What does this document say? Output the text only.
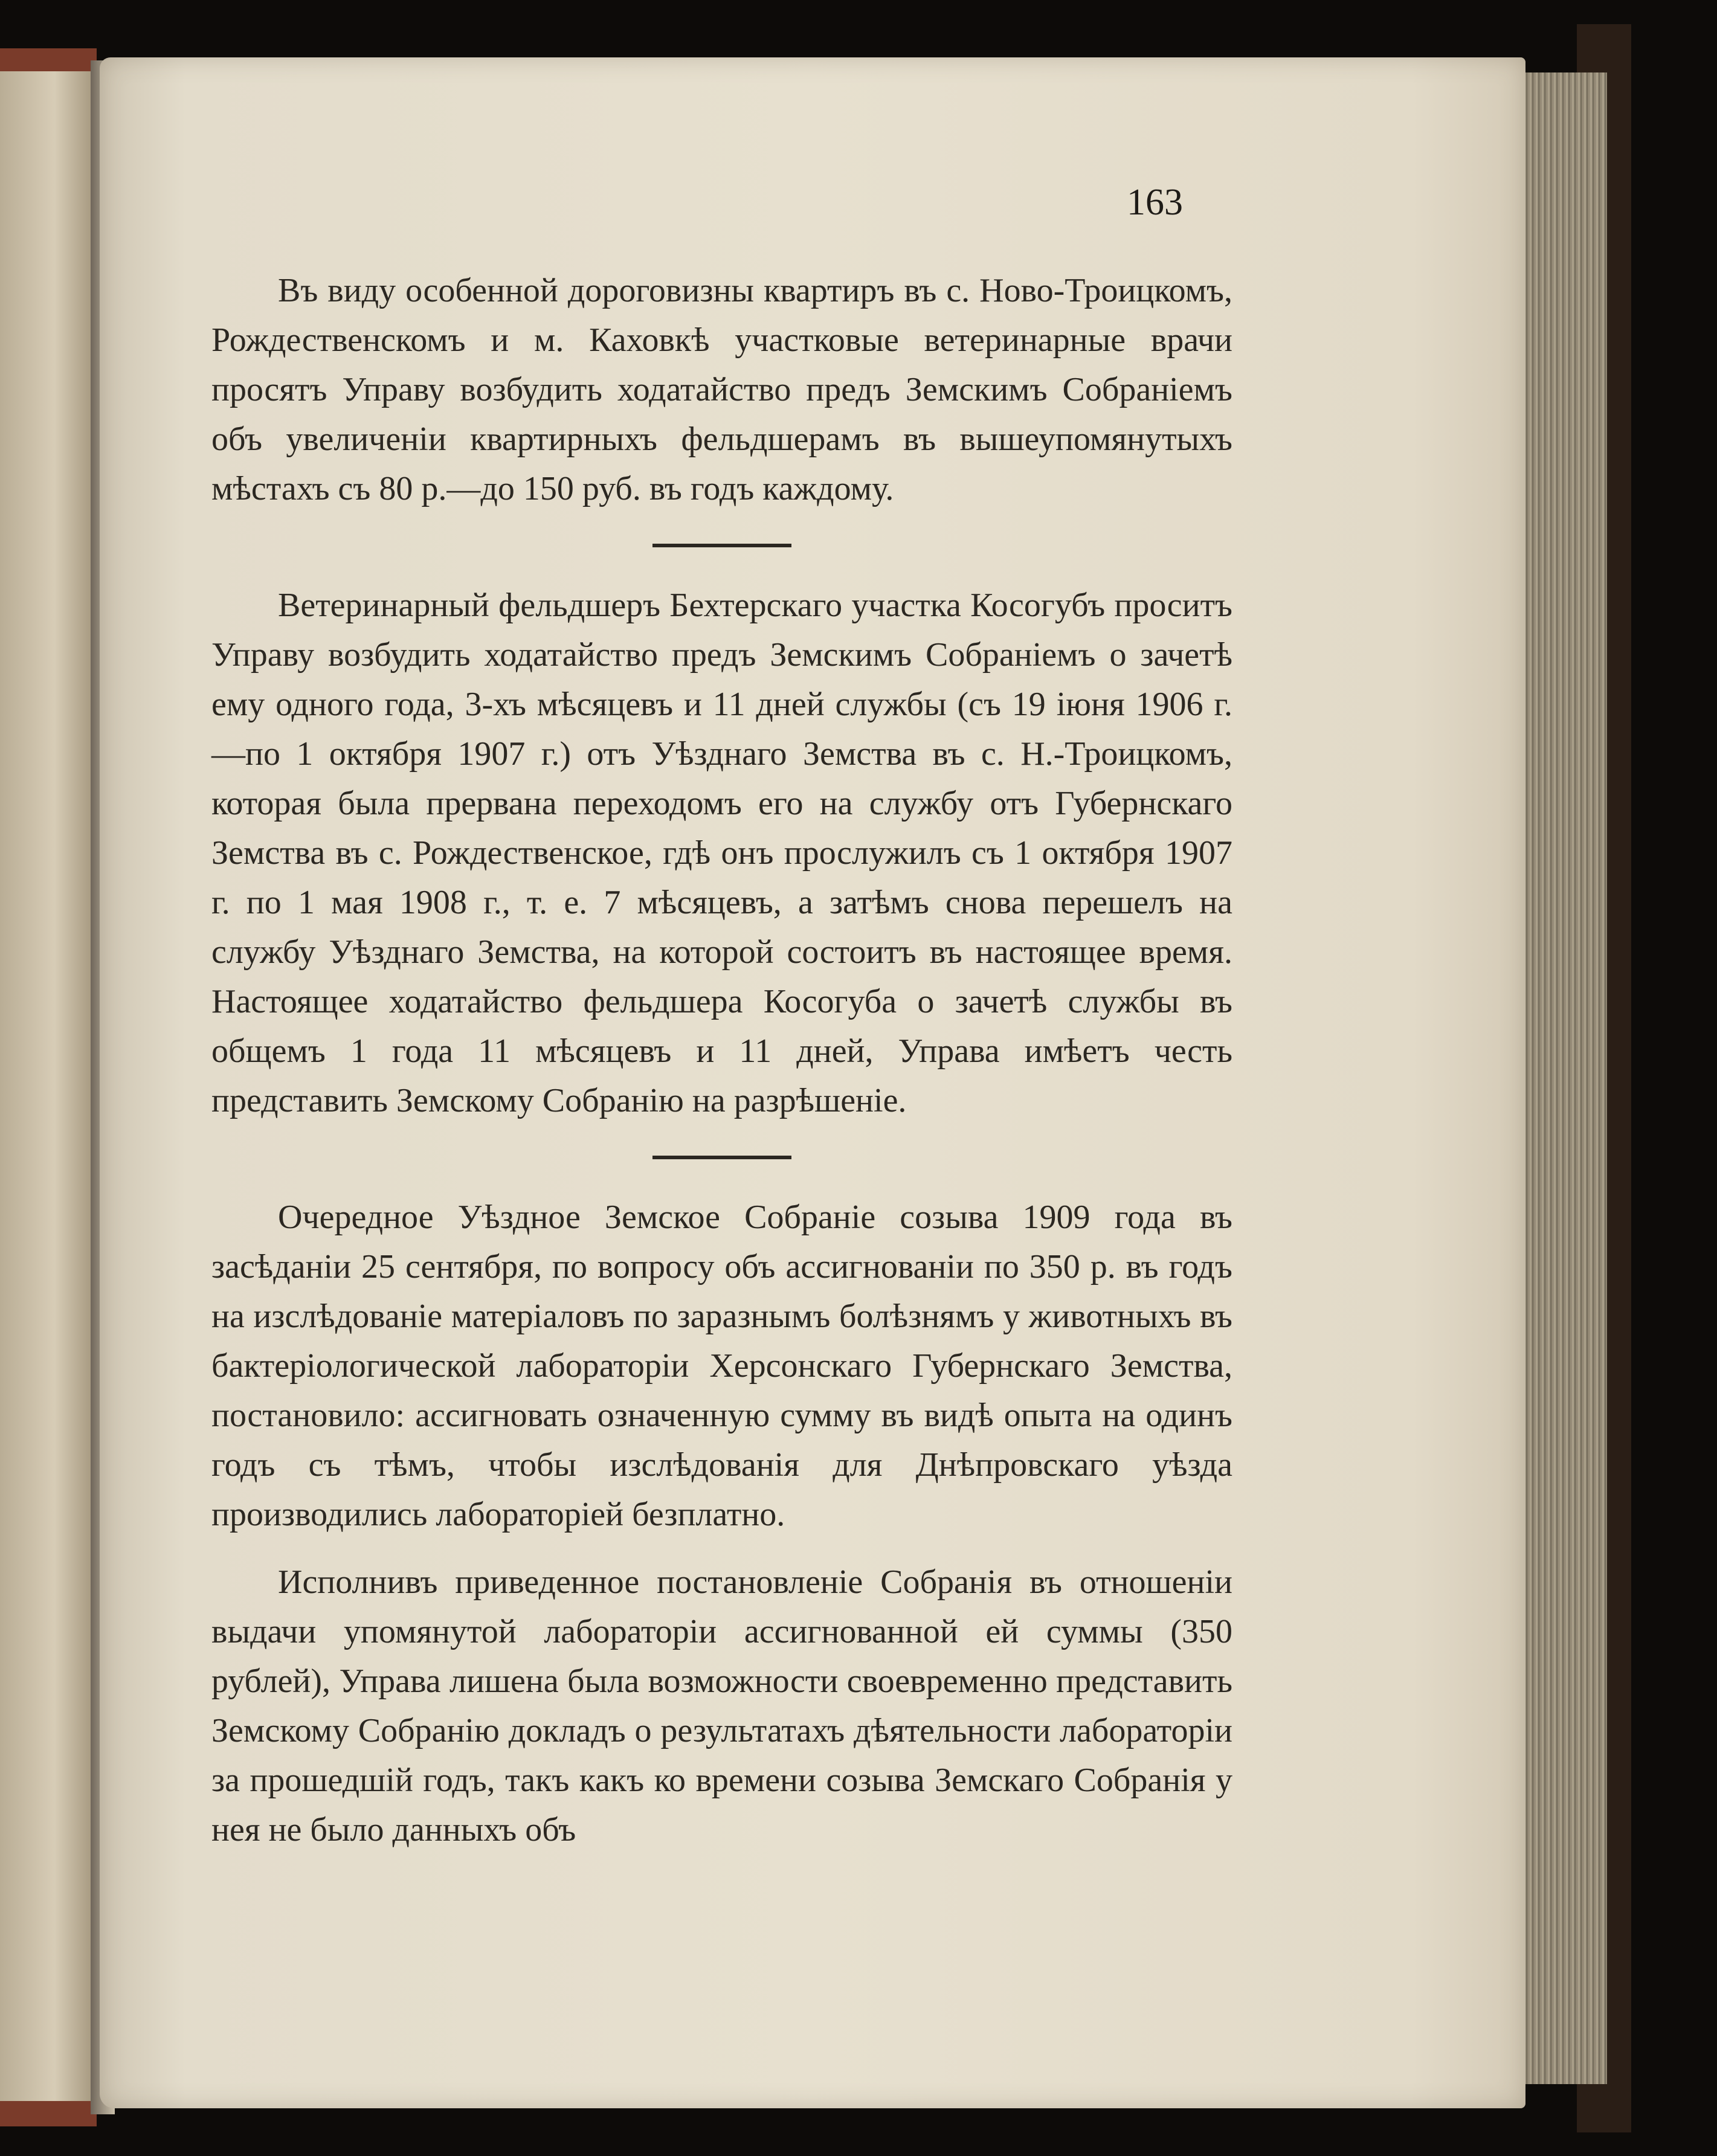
163

Въ виду особенной дороговизны квартиръ въ с. Ново-Троицкомъ, Рождественскомъ и м. Каховкѣ участковые ветеринарные врачи просятъ Управу возбудить ходатайство предъ Земскимъ Собраніемъ объ увеличеніи квартирныхъ фельдшерамъ въ вышеупомянутыхъ мѣстахъ съ 80 р.—до 150 руб. въ годъ каждому.

Ветеринарный фельдшеръ Бехтерскаго участка Косогубъ проситъ Управу возбудить ходатайство предъ Земскимъ Собраніемъ о зачетѣ ему одного года, 3-хъ мѣсяцевъ и 11 дней службы (съ 19 іюня 1906 г.—по 1 октября 1907 г.) отъ Уѣзднаго Земства въ с. Н.-Троицкомъ, которая была прервана переходомъ его на службу отъ Губернскаго Земства въ с. Рождественское, гдѣ онъ прослужилъ съ 1 октября 1907 г. по 1 мая 1908 г., т. е. 7 мѣсяцевъ, а затѣмъ снова перешелъ на службу Уѣзднаго Земства, на которой состоитъ въ настоящее время. Настоящее ходатайство фельдшера Косогуба о зачетѣ службы въ общемъ 1 года 11 мѣсяцевъ и 11 дней, Управа имѣетъ честь представить Земскому Собранію на разрѣшеніе.

Очередное Уѣздное Земское Собраніе созыва 1909 года въ засѣданіи 25 сентября, по вопросу объ ассигнованіи по 350 р. въ годъ на изслѣдованіе матеріаловъ по заразнымъ болѣзнямъ у животныхъ въ бактеріологической лабораторіи Херсонскаго Губернскаго Земства, постановило: ассигновать означенную сумму въ видѣ опыта на одинъ годъ съ тѣмъ, чтобы изслѣдованія для Днѣпровскаго уѣзда производились лабораторіей безплатно.

Исполнивъ приведенное постановленіе Собранія въ отношеніи выдачи упомянутой лабораторіи ассигнованной ей суммы (350 рублей), Управа лишена была возможности своевременно представить Земскому Собранію докладъ о результатахъ дѣятельности лабораторіи за прошедшій годъ, такъ какъ ко времени созыва Земскаго Собранія у нея не было данныхъ объ
